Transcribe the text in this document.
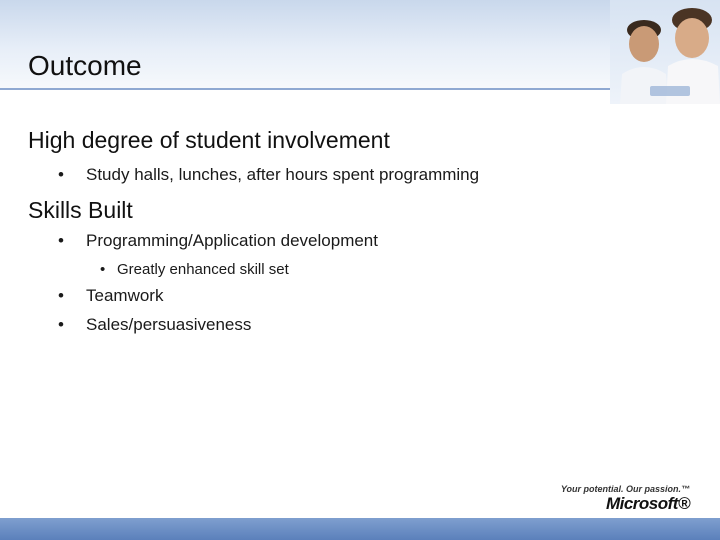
Outcome

High degree of student involvement

• Study halls, lunches, after hours spent programming

Skills Built

• Programming/Application development

• Greatly enhanced skill set

• Teamwork

• Sales/persuasiveness

Your potential. Our passion.™
Microsoft®
